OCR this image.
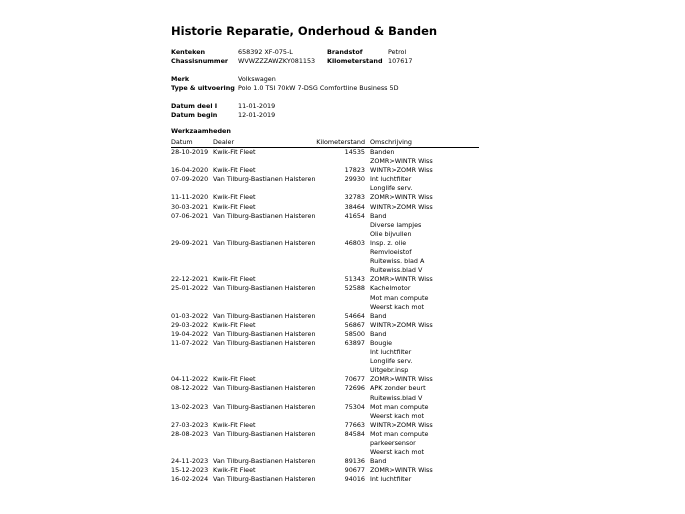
Historie Reparatie, Onderhoud & Banden
Kenteken	658392 XF-075-L	Brandstof	Petrol
Chassisnummer WVWZZZAWZKY081153 Kilometerstand 107617
Merk	Volkswagen
Type & uitvoering Polo 1.0 TSI 70kW 7-DSG Comfortline Business 5D
Datum deel I	11-01-2019
Datum begin	12-01-2019
Werkzaamheden
Datum	Dealer	Kilometerstand Omschrijving
28-10-2019 Kwik-Fit Fleet	14535 Banden
ZOMR>WINTR Wiss
16-04-2020 Kwik-Fit Fleet	17823 WINTR>ZOMR Wiss
07-09-2020 Van Tilburg-Bastianen Halsteren	29930 Int luchtfilter
Longlife serv.
11-11-2020 Kwik-Fit Fleet	32783 ZOMR>WINTR Wiss
30-03-2021 Kwik-Fit Fleet	38464 WINTR>ZOMR Wiss
07-06-2021 Van Tilburg-Bastianen Halsteren	41654 Band
Diverse lampjes
Olie bijvullen
29-09-2021 Van Tilburg-Bastianen Halsteren	46803 Insp. z. olie
Remvloeistof
Ruitewiss. blad A
Ruitewiss.blad V
22-12-2021 Kwik-Fit Fleet	51343 ZOMR>WINTR Wiss
25-01-2022 Van Tilburg-Bastianen Halsteren	52588 Kachelmotor
Mot man compute
Weerst kach mot
01-03-2022 Van Tilburg-Bastianen Halsteren	54664 Band
29-03-2022 Kwik-Fit Fleet	56867 WINTR>ZOMR Wiss
19-04-2022 Van Tilburg-Bastianen Halsteren	58500 Band
11-07-2022 Van Tilburg-Bastianen Halsteren	63897 Bougie
Int luchtfilter
Longlife serv.
Uitgebr.insp
04-11-2022 Kwik-Fit Fleet	70677 ZOMR>WINTR Wiss
08-12-2022 Van Tilburg-Bastianen Halsteren	72696 APK zonder beurt
Ruitewiss.blad V
13-02-2023 Van Tilburg-Bastianen Halsteren	75304 Mot man compute
Weerst kach mot
27-03-2023 Kwik-Fit Fleet	77663 WINTR>ZOMR Wiss
28-08-2023 Van Tilburg-Bastianen Halsteren	84584 Mot man compute
parkeersensor
Weerst kach mot
24-11-2023 Van Tilburg-Bastianen Halsteren	89136 Band
15-12-2023 Kwik-Fit Fleet	90677 ZOMR>WINTR Wiss
16-02-2024 Van Tilburg-Bastianen Halsteren	94016 Int luchtfilter
